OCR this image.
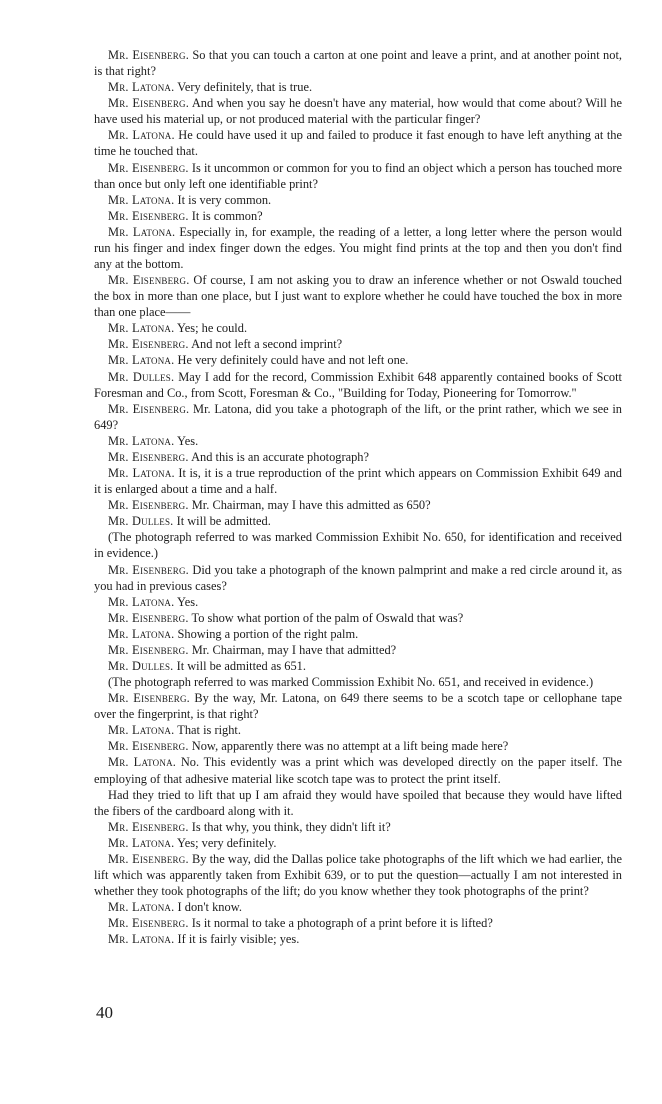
Mr. Eisenberg. So that you can touch a carton at one point and leave a print, and at another point not, is that right?

Mr. Latona. Very definitely, that is true.

Mr. Eisenberg. And when you say he doesn't have any material, how would that come about? Will he have used his material up, or not produced material with the particular finger?

Mr. Latona. He could have used it up and failed to produce it fast enough to have left anything at the time he touched that.

Mr. Eisenberg. Is it uncommon or common for you to find an object which a person has touched more than once but only left one identifiable print?

Mr. Latona. It is very common.

Mr. Eisenberg. It is common?

Mr. Latona. Especially in, for example, the reading of a letter, a long letter where the person would run his finger and index finger down the edges. You might find prints at the top and then you don't find any at the bottom.

Mr. Eisenberg. Of course, I am not asking you to draw an inference whether or not Oswald touched the box in more than one place, but I just want to explore whether he could have touched the box in more than one place——

Mr. Latona. Yes; he could.

Mr. Eisenberg. And not left a second imprint?

Mr. Latona. He very definitely could have and not left one.

Mr. Dulles. May I add for the record, Commission Exhibit 648 apparently contained books of Scott Foresman and Co., from Scott, Foresman & Co., "Building for Today, Pioneering for Tomorrow."

Mr. Eisenberg. Mr. Latona, did you take a photograph of the lift, or the print rather, which we see in 649?

Mr. Latona. Yes.

Mr. Eisenberg. And this is an accurate photograph?

Mr. Latona. It is, it is a true reproduction of the print which appears on Commission Exhibit 649 and it is enlarged about a time and a half.

Mr. Eisenberg. Mr. Chairman, may I have this admitted as 650?

Mr. Dulles. It will be admitted.

(The photograph referred to was marked Commission Exhibit No. 650, for identification and received in evidence.)

Mr. Eisenberg. Did you take a photograph of the known palmprint and make a red circle around it, as you had in previous cases?

Mr. Latona. Yes.

Mr. Eisenberg. To show what portion of the palm of Oswald that was?

Mr. Latona. Showing a portion of the right palm.

Mr. Eisenberg. Mr. Chairman, may I have that admitted?

Mr. Dulles. It will be admitted as 651.

(The photograph referred to was marked Commission Exhibit No. 651, and received in evidence.)

Mr. Eisenberg. By the way, Mr. Latona, on 649 there seems to be a scotch tape or cellophane tape over the fingerprint, is that right?

Mr. Latona. That is right.

Mr. Eisenberg. Now, apparently there was no attempt at a lift being made here?

Mr. Latona. No. This evidently was a print which was developed directly on the paper itself. The employing of that adhesive material like scotch tape was to protect the print itself.

Had they tried to lift that up I am afraid they would have spoiled that because they would have lifted the fibers of the cardboard along with it.

Mr. Eisenberg. Is that why, you think, they didn't lift it?

Mr. Latona. Yes; very definitely.

Mr. Eisenberg. By the way, did the Dallas police take photographs of the lift which we had earlier, the lift which was apparently taken from Exhibit 639, or to put the question—actually I am not interested in whether they took photographs of the lift; do you know whether they took photographs of the print?

Mr. Latona. I don't know.

Mr. Eisenberg. Is it normal to take a photograph of a print before it is lifted?

Mr. Latona. If it is fairly visible; yes.

40
